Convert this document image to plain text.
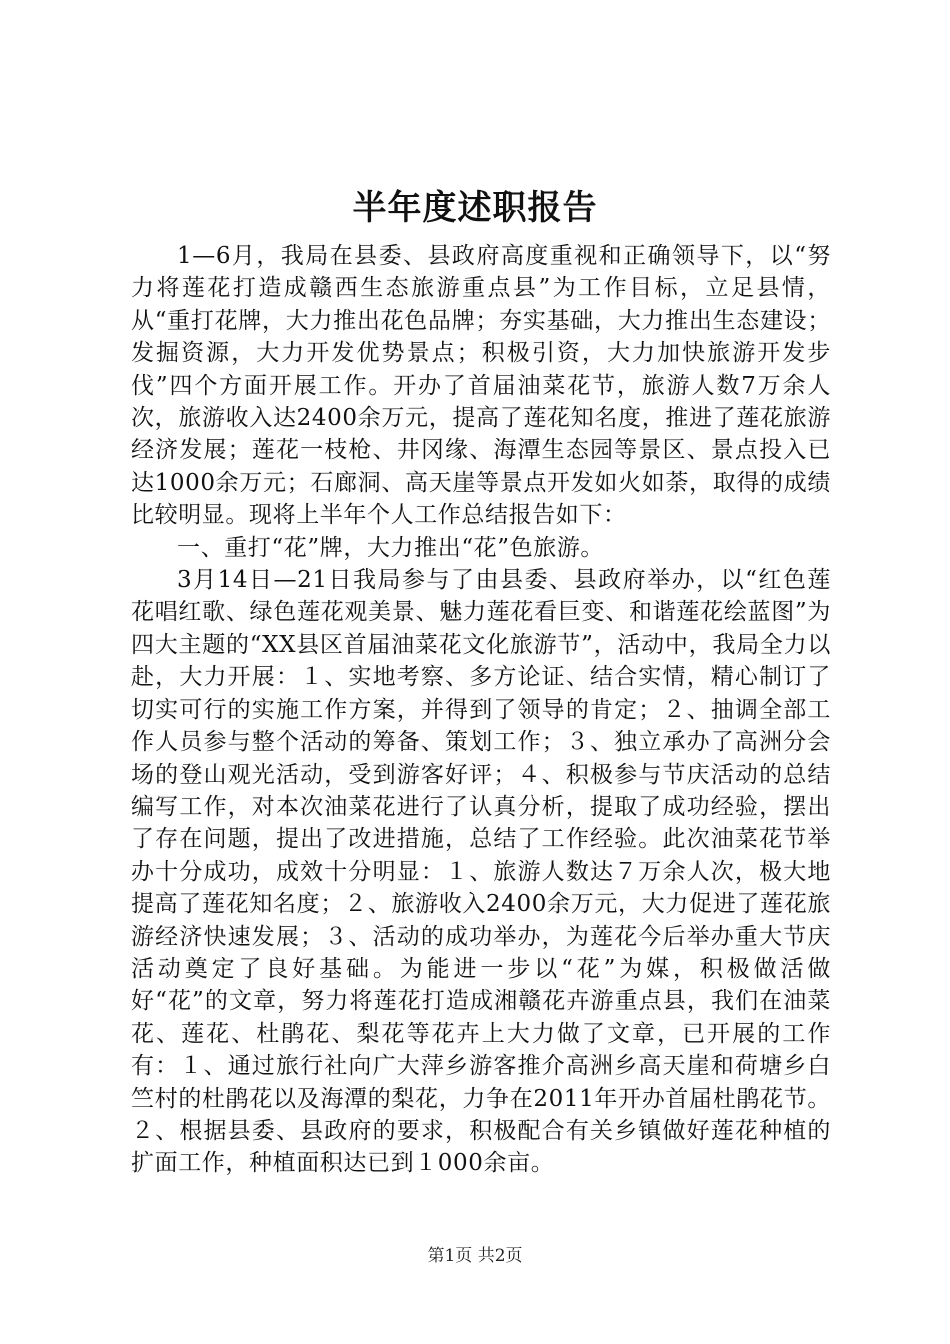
半年度述职报告

1—6月，我局在县委、县政府高度重视和正确领导下，以“努力将莲花打造成赣西生态旅游重点县”为工作目标，立足县情，从“重打花牌，大力推出花色品牌；夯实基础，大力推出生态建设；发掘资源，大力开发优势景点；积极引资，大力加快旅游开发步伐”四个方面开展工作。开办了首届油菜花节，旅游人数7万余人次，旅游收入达2400余万元，提高了莲花知名度，推进了莲花旅游经济发展；莲花一枝枪、井冈缘、海潭生态园等景区、景点投入已达1000余万元；石廊洞、高天崖等景点开发如火如荼，取得的成绩比较明显。现将上半年个人工作总结报告如下：

一、重打“花”牌，大力推出“花”色旅游。

3月14日—21日我局参与了由县委、县政府举办，以“红色莲花唱红歌、绿色莲花观美景、魅力莲花看巨变、和谐莲花绘蓝图”为四大主题的“XX县区首届油菜花文化旅游节”，活动中，我局全力以赴，大力开展：１、实地考察、多方论证、结合实情，精心制订了切实可行的实施工作方案，并得到了领导的肯定；２、抽调全部工作人员参与整个活动的筹备、策划工作；３、独立承办了高洲分会场的登山观光活动，受到游客好评；４、积极参与节庆活动的总结编写工作，对本次油菜花进行了认真分析，提取了成功经验，摆出了存在问题，提出了改进措施，总结了工作经验。此次油菜花节举办十分成功，成效十分明显：１、旅游人数达７万余人次，极大地提高了莲花知名度；２、旅游收入2400余万元，大力促进了莲花旅游经济快速发展；３、活动的成功举办，为莲花今后举办重大节庆活动奠定了良好基础。为能进一步以“花”为媒，积极做活做好“花”的文章，努力将莲花打造成湘赣花卉游重点县，我们在油菜花、莲花、杜鹃花、梨花等花卉上大力做了文章，已开展的工作有：１、通过旅行社向广大萍乡游客推介高洲乡高天崖和荷塘乡白竺村的杜鹃花以及海潭的梨花，力争在2011年开办首届杜鹃花节。２、根据县委、县政府的要求，积极配合有关乡镇做好莲花种植的扩面工作，种植面积达已到１000余亩。

第1页 共2页
